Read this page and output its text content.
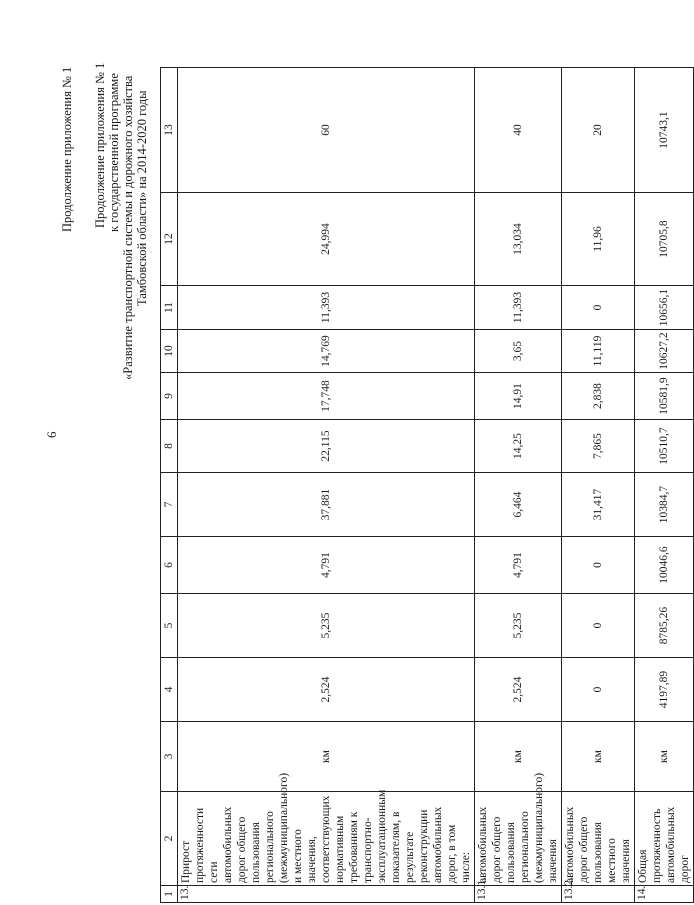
6
Продолжение приложения № 1 Продолжение приложения № 1 к государственной программе «Развитие транспортной системы и дорожного хозяйства Тамбовской области» на 2014-2020 годы
1	2	3	4	5	6	7	8	9	10	11	12	13
13.	Прирост протяженности сети автомобильных дорог общего пользования регионального (межмуниципального) и местного значения, соответствующих нормативным требованиям к транспортно-эксплуатационным показателям, в результате реконструкции автомобильных дорог, в том числе:	км	2,524	5,235	4,791	37,881	22,115	17,748	14,769	11,393	24,994	60
13.1.	автомобильных дорог общего пользования регионального (межмуниципального) значения	км	2,524	5,235	4,791	6,464	14,25	14,91	3,65	11,393	13,034	40
13.2.	автомобильных дорог общего пользования местного значения	км	0	0	0	31,417	7,865	2,838	11,119	0	11,96	20
14.	Общая протяженность автомобильных дорог	км	4197,89	8785,26	10046,6	10384,7	10510,7	10581,9	10627,2	10656,1	10705,8	10743,1
